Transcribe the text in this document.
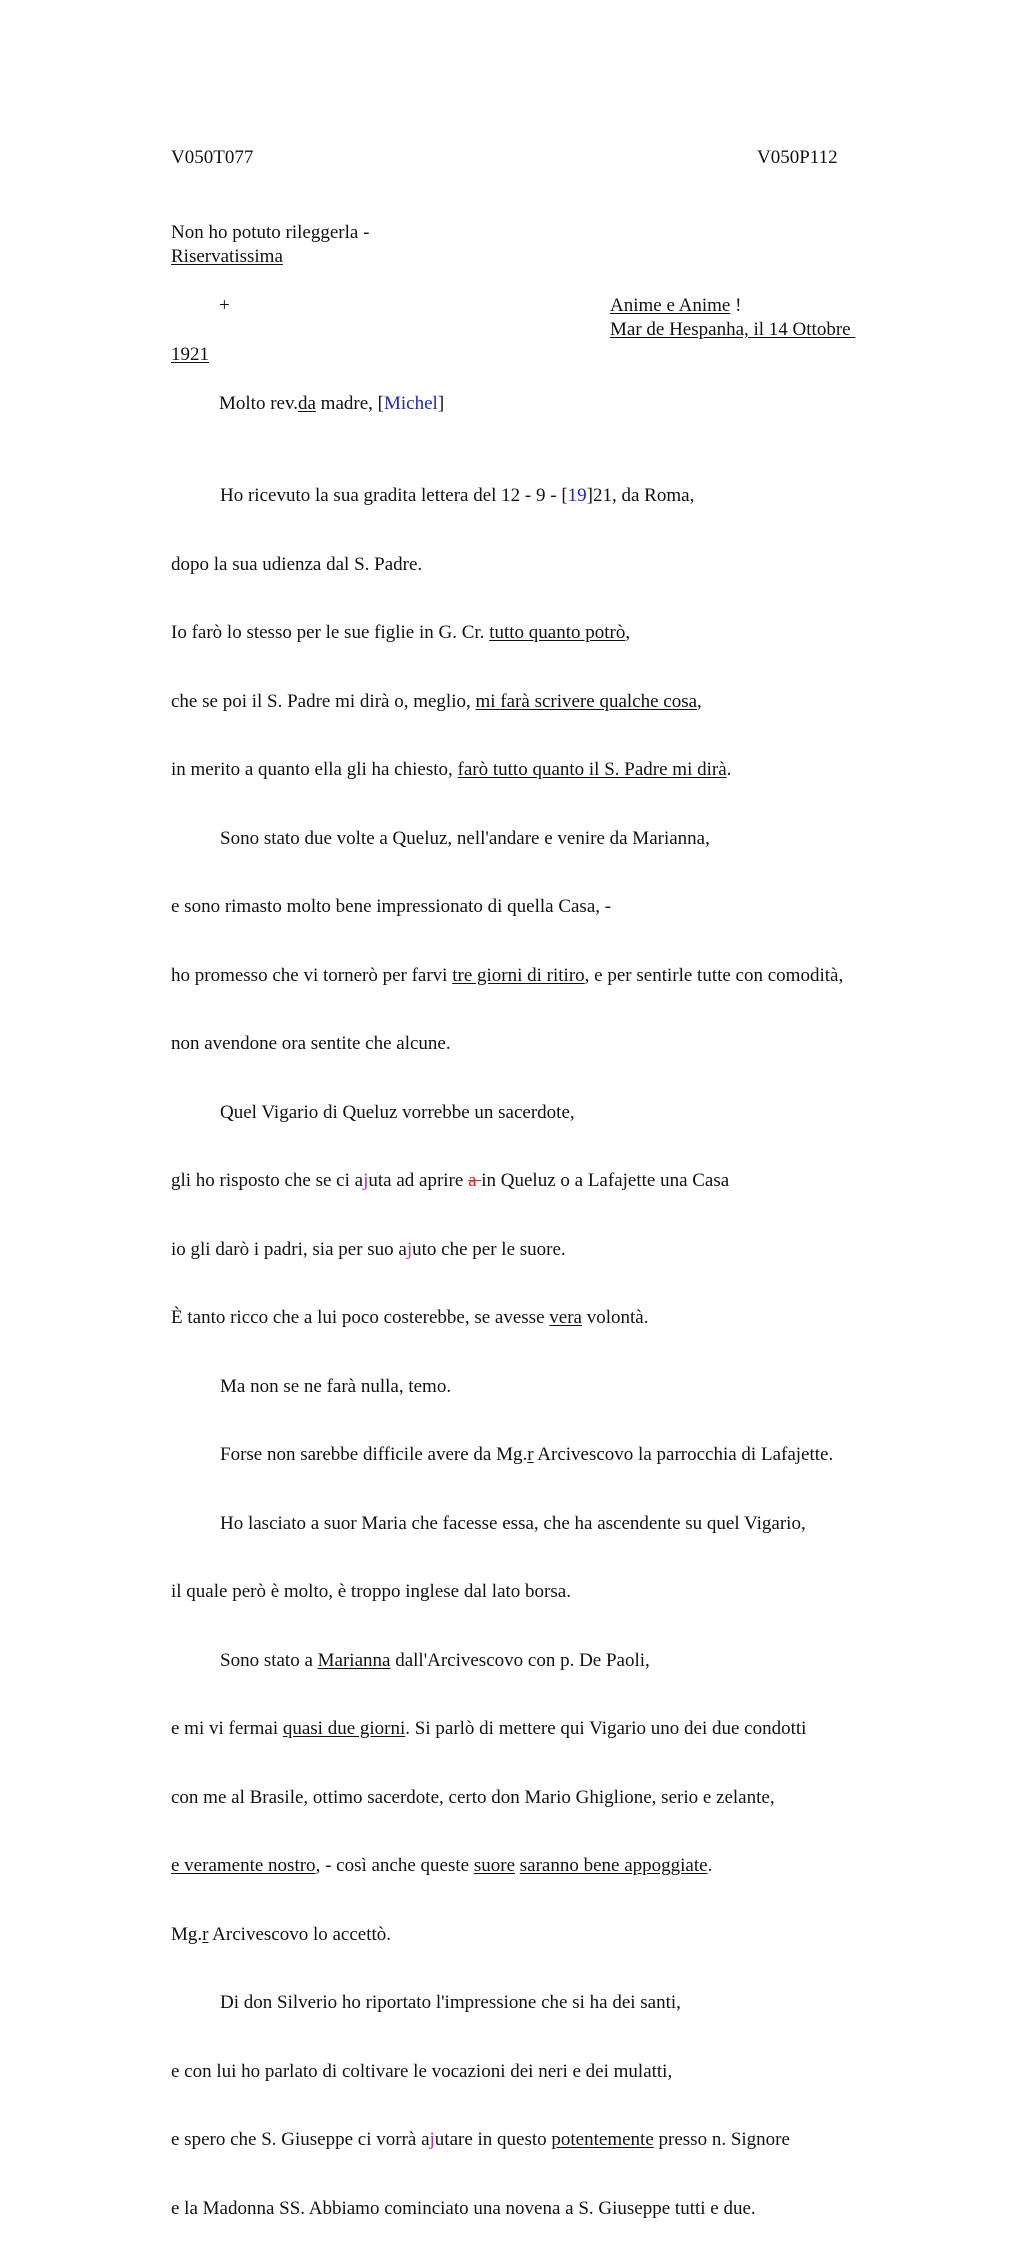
V050T077	V050P112
Non ho potuto rileggerla -
Riservatissima
+	Anime e Anime !
Mar de Hespanha, il 14 Ottobre
1921
Molto rev.da madre, [Michel]

Ho ricevuto la sua gradita lettera del 12 - 9 - [19]21, da Roma,

dopo la sua udienza dal S. Padre.

Io farò lo stesso per le sue figlie in G. Cr. tutto quanto potrò,

che se poi il S. Padre mi dirà o, meglio, mi farà scrivere qualche cosa,

in merito a quanto ella gli ha chiesto, farò tutto quanto il S. Padre mi dirà.

Sono stato due volte a Queluz, nell'andare e venire da Marianna,

e sono rimasto molto bene impressionato di quella Casa, -

ho promesso che vi tornerò per farvi tre giorni di ritiro, e per sentirle tutte con comodità,

non avendone ora sentite che alcune.

Quel Vigario di Queluz vorrebbe un sacerdote,

gli ho risposto che se ci ajuta ad aprire a in Queluz o a Lafajette una Casa

io gli darò i padri, sia per suo ajuto che per le suore.

È tanto ricco che a lui poco costerebbe, se avesse vera volontà.

Ma non se ne farà nulla, temo.

Forse non sarebbe difficile avere da Mg.r Arcivescovo la parrocchia di Lafajette.

Ho lasciato a suor Maria che facesse essa, che ha ascendente su quel Vigario,

il quale però è molto, è troppo inglese dal lato borsa.

Sono stato a Marianna dall'Arcivescovo con p. De Paoli,

e mi vi fermai quasi due giorni. Si parlò di mettere qui Vigario uno dei due condotti

con me al Brasile, ottimo sacerdote, certo don Mario Ghiglione, serio e zelante,

e veramente nostro, - così anche queste suore saranno bene appoggiate.

Mg.r Arcivescovo lo accettò.

Di don Silverio ho riportato l'impressione che si ha dei santi,

e con lui ho parlato di coltivare le vocazioni dei neri e dei mulatti,

e spero che S. Giuseppe ci vorrà ajutare in questo potentemente presso n. Signore

e la Madonna SS. Abbiamo cominciato una novena a S. Giuseppe tutti e due.
